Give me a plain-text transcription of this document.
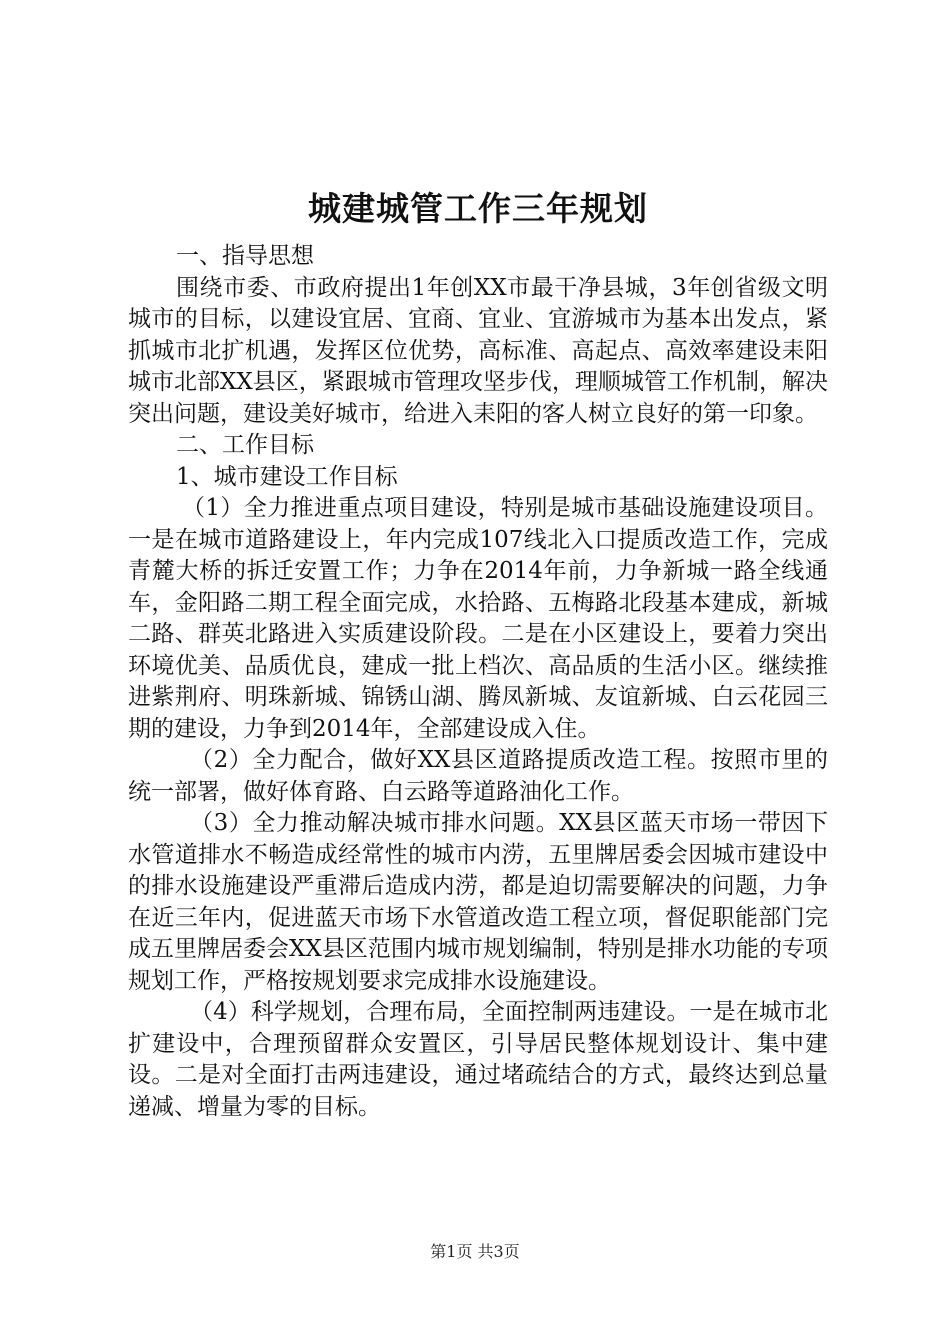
城建城管工作三年规划

一、指导思想

围绕市委、市政府提出1年创XX市最干净县城，3年创省级文明城市的目标，以建设宜居、宜商、宜业、宜游城市为基本出发点，紧抓城市北扩机遇，发挥区位优势，高标准、高起点、高效率建设耒阳城市北部XX县区，紧跟城市管理攻坚步伐，理顺城管工作机制，解决突出问题，建设美好城市，给进入耒阳的客人树立良好的第一印象。

二、工作目标

1、城市建设工作目标

（1）全力推进重点项目建设，特别是城市基础设施建设项目。一是在城市道路建设上，年内完成107线北入口提质改造工作，完成青麓大桥的拆迁安置工作；力争在2014年前，力争新城一路全线通车，金阳路二期工程全面完成，水拾路、五梅路北段基本建成，新城二路、群英北路进入实质建设阶段。二是在小区建设上，要着力突出环境优美、品质优良，建成一批上档次、高品质的生活小区。继续推进紫荆府、明珠新城、锦锈山湖、腾凤新城、友谊新城、白云花园三期的建设，力争到2014年，全部建设成入住。

（2）全力配合，做好XX县区道路提质改造工程。按照市里的统一部署，做好体育路、白云路等道路油化工作。

（3）全力推动解决城市排水问题。XX县区蓝天市场一带因下水管道排水不畅造成经常性的城市内涝，五里牌居委会因城市建设中的排水设施建设严重滞后造成内涝，都是迫切需要解决的问题，力争在近三年内，促进蓝天市场下水管道改造工程立项，督促职能部门完成五里牌居委会XX县区范围内城市规划编制，特别是排水功能的专项规划工作，严格按规划要求完成排水设施建设。

（4）科学规划，合理布局，全面控制两违建设。一是在城市北扩建设中，合理预留群众安置区，引导居民整体规划设计、集中建设。二是对全面打击两违建设，通过堵疏结合的方式，最终达到总量递减、增量为零的目标。

第1页 共3页
